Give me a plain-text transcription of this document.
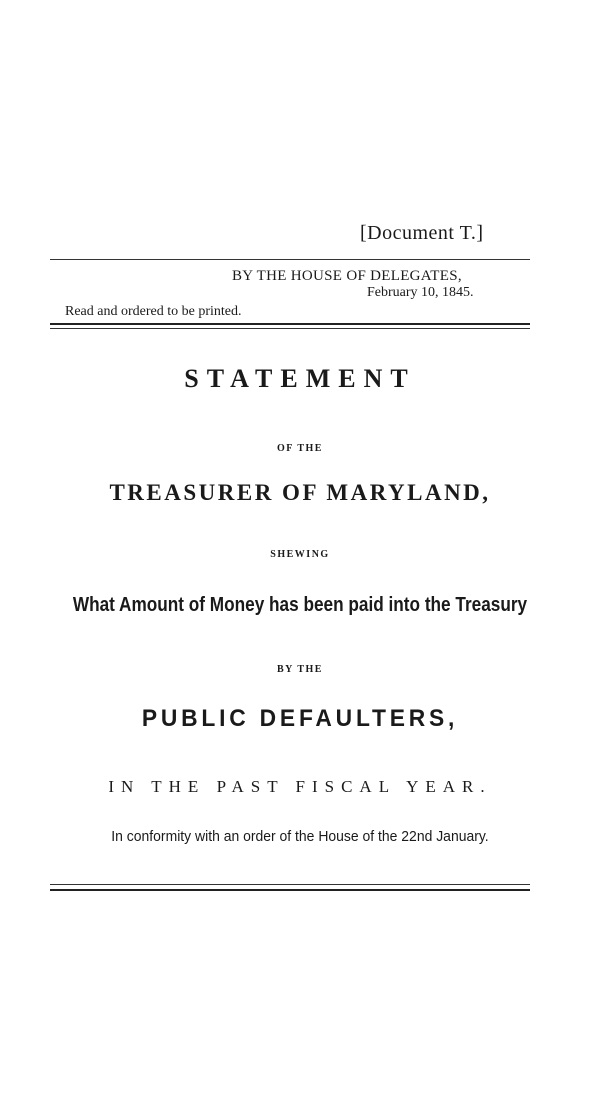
[Document T.]
BY THE HOUSE OF DELEGATES,
February 10, 1845.
Read and ordered to be printed.
STATEMENT
OF THE
TREASURER OF MARYLAND,
SHEWING
What Amount of Money has been paid into the Treasury
BY THE
PUBLIC DEFAULTERS,
IN THE PAST FISCAL YEAR.
In conformity with an order of the House of the 22nd January.
